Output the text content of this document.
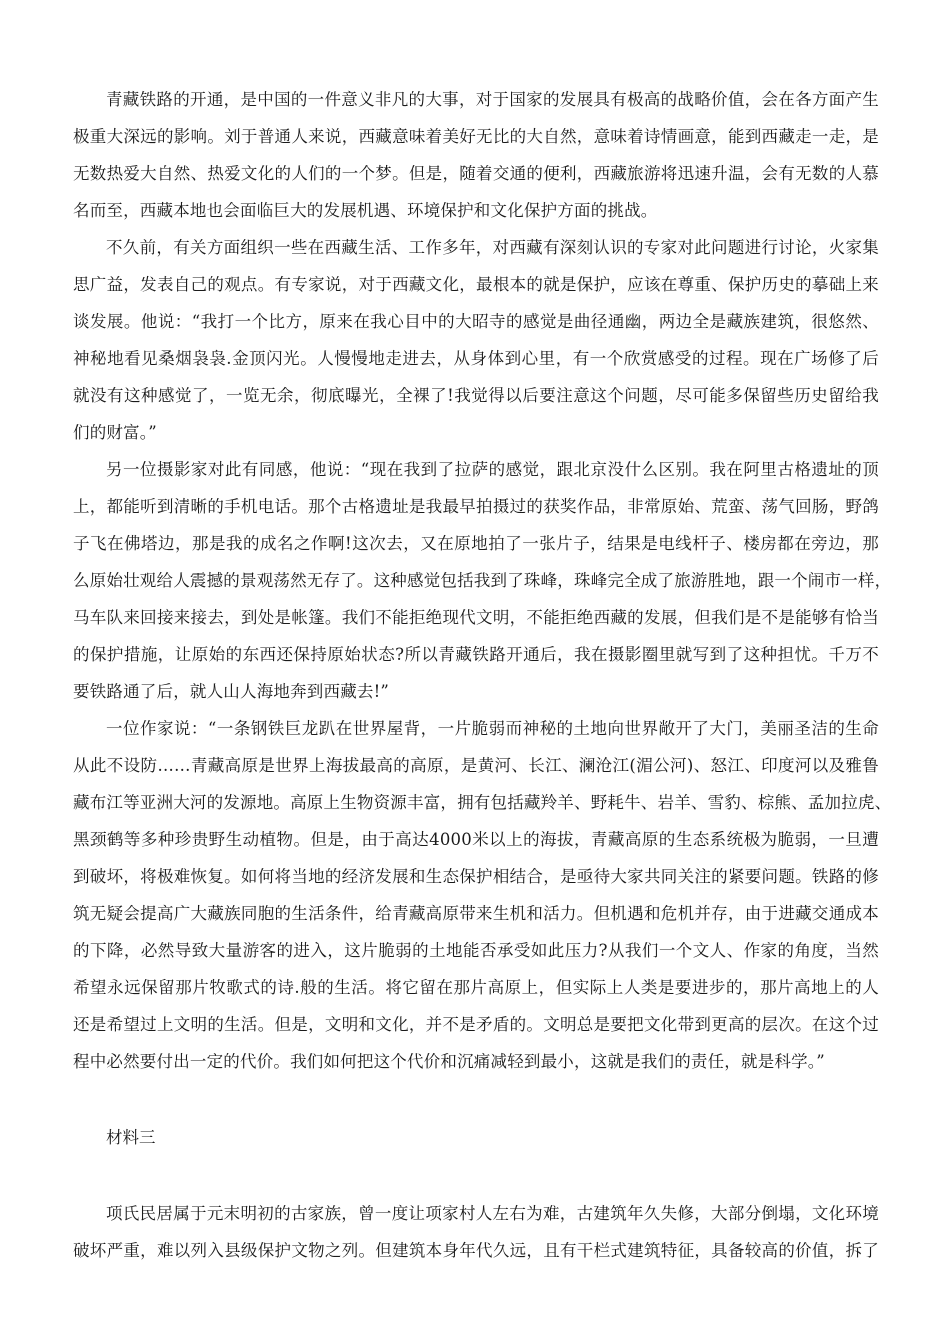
青藏铁路的开通，是中国的一件意义非凡的大事，对于国家的发展具有极高的战略价值，会在各方面产生
极重大深远的影响。刘于普通人来说，西藏意味着美好无比的大自然，意味着诗情画意，能到西藏走一走，是
无数热爱大自然、热爱文化的人们的一个梦。但是，随着交通的便利，西藏旅游将迅速升温，会有无数的人慕
名而至，西藏本地也会面临巨大的发展机遇、环境保护和文化保护方面的挑战。
不久前，有关方面组织一些在西藏生活、工作多年，对西藏有深刻认识的专家对此问题进行讨论，火家集
思广益，发表自己的观点。有专家说，对于西藏文化，最根本的就是保护，应该在尊重、保护历史的摹础上来
谈发展。他说：“我打一个比方，原来在我心目中的大昭寺的感觉是曲径通幽，两边全是藏族建筑，很悠然、
神秘地看见桑烟袅袅.金顶闪光。人慢慢地走进去，从身体到心里，有一个欣赏感受的过程。现在广场修了后
就没有这种感觉了，一览无余，彻底曝光，全裸了!我觉得以后要注意这个问题，尽可能多保留些历史留给我
们的财富。”
另一位摄影家对此有同感，他说：“现在我到了拉萨的感觉，跟北京没什么区别。我在阿里古格遗址的顶
上，都能听到清晰的手机电话。那个古格遗址是我最早拍摄过的获奖作品，非常原始、荒蛮、荡气回肠，野鸽
子飞在佛塔边，那是我的成名之作啊!这次去，又在原地拍了一张片子，结果是电线杆子、楼房都在旁边，那
么原始壮观给人震撼的景观荡然无存了。这种感觉包括我到了珠峰，珠峰完全成了旅游胜地，跟一个闹市一样，
马车队来回接来接去，到处是帐篷。我们不能拒绝现代文明，不能拒绝西藏的发展，但我们是不是能够有恰当
的保护措施，让原始的东西还保持原始状态?所以青藏铁路开通后，我在摄影圈里就写到了这种担忧。千万不
要铁路通了后，就人山人海地奔到西藏去!”
一位作家说：“一条钢铁巨龙趴在世界屋背，一片脆弱而神秘的土地向世界敞开了大门，美丽圣洁的生命
从此不设防……青藏高原是世界上海拔最高的高原，是黄河、长江、澜沧江(湄公河)、怒江、印度河以及雅鲁
藏布江等亚洲大河的发源地。高原上生物资源丰富，拥有包括藏羚羊、野耗牛、岩羊、雪豹、棕熊、孟加拉虎、
黑颈鹤等多种珍贵野生动植物。但是，由于高达4000米以上的海拔，青藏高原的生态系统极为脆弱，一旦遭
到破坏，将极难恢复。如何将当地的经济发展和生态保护相结合，是亟待大家共同关注的紧要问题。铁路的修
筑无疑会提高广大藏族同胞的生活条件，给青藏高原带来生机和活力。但机遇和危机并存，由于进藏交通成本
的下降，必然导致大量游客的进入，这片脆弱的土地能否承受如此压力?从我们一个文人、作家的角度，当然
希望永远保留那片牧歌式的诗.般的生活。将它留在那片高原上，但实际上人类是要进步的，那片高地上的人
还是希望过上文明的生活。但是，文明和文化，并不是矛盾的。文明总是要把文化带到更高的层次。在这个过
程中必然要付出一定的代价。我们如何把这个代价和沉痛减轻到最小，这就是我们的责任，就是科学。”
材料三
项氏民居属于元末明初的古家族，曾一度让项家村人左右为难，古建筑年久失修，大部分倒塌，文化环境
破坏严重，难以列入县级保护文物之列。但建筑本身年代久远，且有干栏式建筑特征，具备较高的价值，拆了
